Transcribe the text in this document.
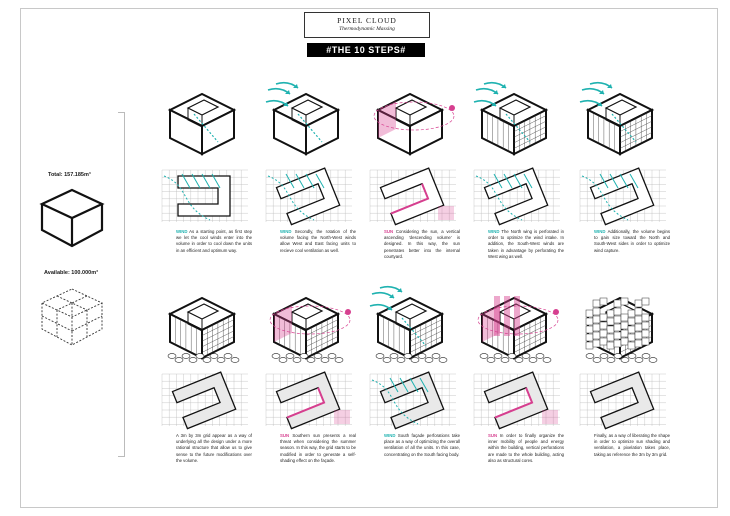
PIXEL CLOUD
Thermodynamic Massing
#THE 10 STEPS#
Total: 157.185m³
Available: 100.000m³
WIND As a starting point, as first step we let the cool winds enter into the volume in order to cool down the units in an efficient and optimum way.
A 3m by 3m grid appear as a way of underlying all the design under a more rational structure that allow us to give sense to the future modifications over the volume.
WIND Secondly, the rotation of the volume facing the North-West winds allow West and East facing units to recieve cool ventilation as well.
SUN Southern sun presents a real threat when considering the summer season. In this way, the grid starts to be modified in order to generate a self-shading effect on the façade.
SUN Considering the sun, a vertical ascending 'descending volume' is designed. In this way, the sun penetrates better into the internal courtyard.
WIND South façade perforations take place as a way of optimizing the overall ventilation of all the units. In this case, concentrating on the South facing body.
WIND The North wing is perforated in order to optimize the wind intake. In addition, the South-West winds are taken in advantage by perforating the West wing as well.
SUN In order to finally organize the inner mobility of people and energy within the building, vertical perforations are made to the whole building, acting also as structural cores.
WIND Additionally, the volume begins to gain size toward the North and South-West sides in order to optimize wind capture.
Finally, as a way of liberating the shape in order to optimize sun shading and ventilation, a pixelation takes place, taking as reference the 3m by 3m grid.
